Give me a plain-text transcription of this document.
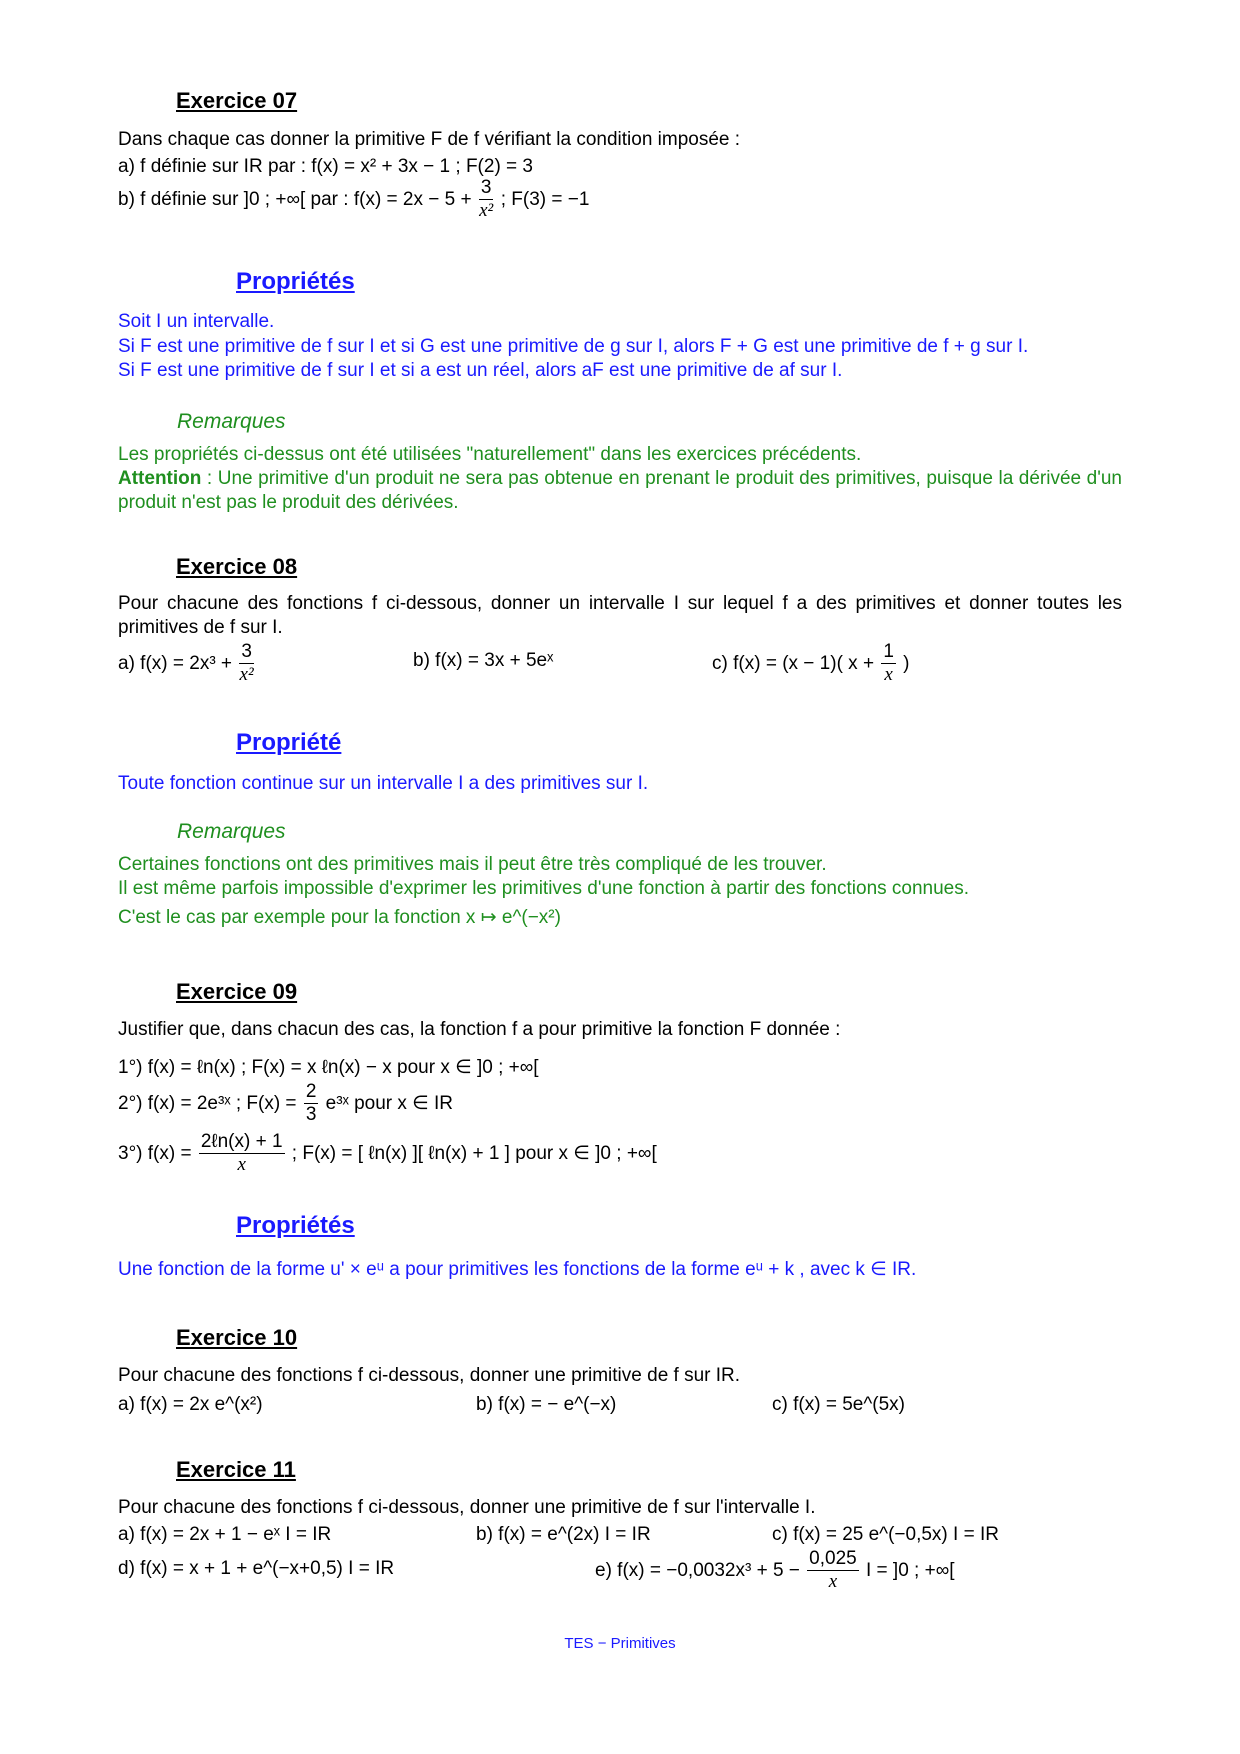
Exercice 07
Dans chaque cas donner la primitive F de f vérifiant la condition imposée :
a) f définie sur IR par : f(x) = x² + 3x − 1 ; F(2) = 3
b) f définie sur ]0 ; +∞[ par : $f(x) = 2x - 5 + \frac{3}{\text{x²}}$ ; F(3) = −1
Propriétés
Soit I un intervalle.
Si F est une primitive de f sur I et si G est une primitive de g sur I, alors F + G est une primitive de f + g sur I.
Si F est une primitive de f sur I et si a est un réel, alors aF est une primitive de af sur I.
Remarques
Les propriétés ci-dessus ont été utilisées "naturellement" dans les exercices précédents.
Attention : Une primitive d'un produit ne sera pas obtenue en prenant le produit des primitives, puisque la dérivée d'un produit n'est pas le produit des dérivées.
Exercice 08
Pour chacune des fonctions f ci-dessous, donner un intervalle I sur lequel f a des primitives et donner toutes les primitives de f sur I.
a) $f(x) = 2x^3 + \frac{3}{\text{x²}}$	b) f(x) = 3x + 5eˣ	c) f(x) = (x − 1)( $x + \frac{1}{x}$ )
Propriété
Toute fonction continue sur un intervalle I a des primitives sur I.
Remarques
Certaines fonctions ont des primitives mais il peut être très compliqué de les trouver.
Il est même parfois impossible d'exprimer les primitives d'une fonction à partir des fonctions connues.
C'est le cas par exemple pour la fonction x ↦ e^(−x²)
Exercice 09
Justifier que, dans chacun des cas, la fonction f a pour primitive la fonction F donnée :
1°) f(x) = ℓn(x) ; F(x) = x ℓn(x) − x pour x ∈ ]0 ; +∞[
2°) f(x) = 2e³ˣ ; $F(x) = \frac{2}{3}$ e³ˣ pour x ∈ IR
3°) $f(x) = \frac{\text{2ℓn(x) + 1}}{x}$ ; F(x) = [ ℓn(x) ][ ℓn(x) + 1 ] pour x ∈ ]0 ; +∞[
Propriétés
Une fonction de la forme u' × eᵘ a pour primitives les fonctions de la forme eᵘ + k , avec k ∈ IR.
Exercice 10
Pour chacune des fonctions f ci-dessous, donner une primitive de f sur IR.
a) f(x) = 2x e^(x²)	b) f(x) = − e^(−x)	c) f(x) = 5e^(5x)
Exercice 11
Pour chacune des fonctions f ci-dessous, donner une primitive de f sur l'intervalle I.
a) f(x) = 2x + 1 − eˣ I = IR	b) f(x) = e^(2x) I = IR	c) f(x) = 25 e^(−0,5x) I = IR
d) f(x) = x + 1 + e^(−x+0,5) I = IR	e) $f(x) = -0,0032x^3 + 5 - \frac{0,025}{x}$ I = ]0 ; +∞[
TES − Primitives
